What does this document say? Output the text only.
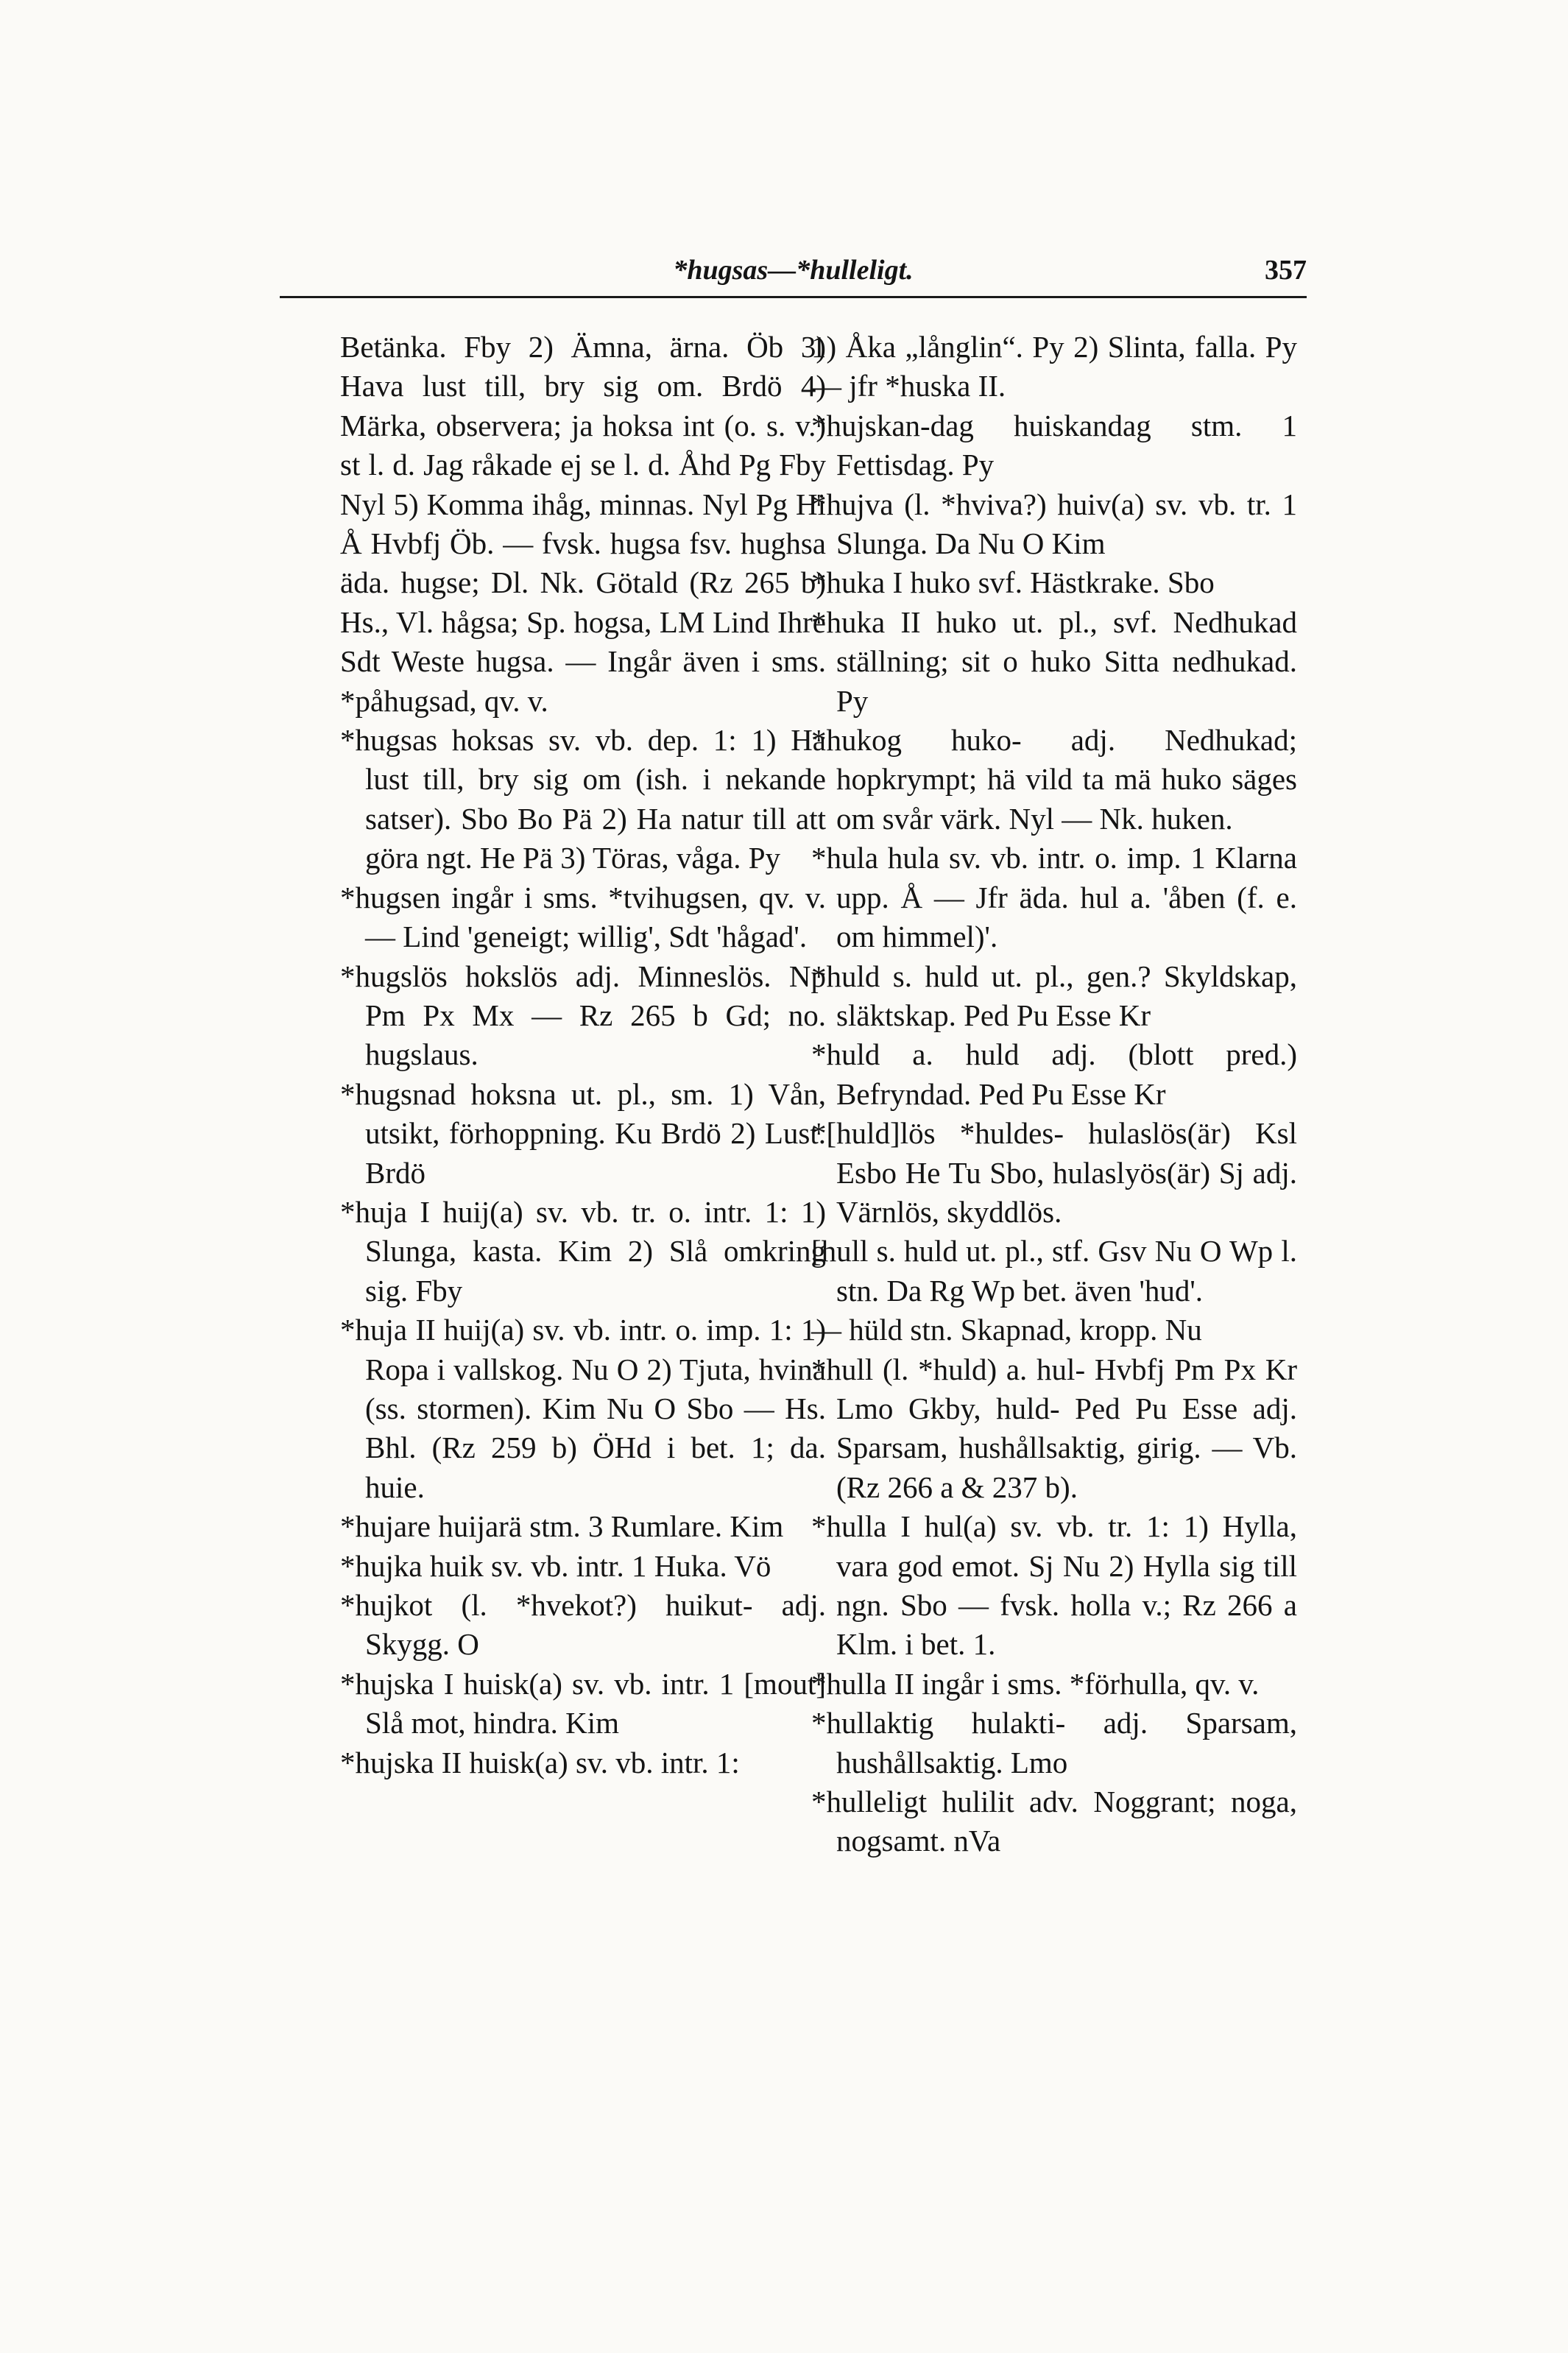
*hugsas—*hulleligt.	357

Betänka. Fby 2) Ämna, ärna. Öb 3) Hava lust till, bry sig om. Brdö 4) Märka, observera; ja hoksa int (o. s. v.) st l. d. Jag råkade ej se l. d. Åhd Pg Fby Nyl 5) Komma ihåg, minnas. Nyl Pg Hi Å Hvbfj Öb. — fvsk. hugsa fsv. hughsa äda. hugse; Dl. Nk. Götald (Rz 265 b) Hs., Vl. hågsa; Sp. hogsa, LM Lind Ihre Sdt Weste hugsa. — Ingår även i sms. *påhugsad, qv. v.

*hugsas hoksas sv. vb. dep. 1: 1) Ha lust till, bry sig om (ish. i nekande satser). Sbo Bo Pä 2) Ha natur till att göra ngt. He Pä 3) Töras, våga. Py

*hugsen ingår i sms. *tvihugsen, qv. v. — Lind 'geneigt; willig', Sdt 'hågad'.

*hugslös hokslös adj. Minneslös. Np Pm Px Mx — Rz 265 b Gd; no. hugslaus.

*hugsnad hoksna ut. pl., sm. 1) Vån, utsikt, förhoppning. Ku Brdö 2) Lust. Brdö

*huja I huij(a) sv. vb. tr. o. intr. 1: 1) Slunga, kasta. Kim 2) Slå omkring sig. Fby

*huja II huij(a) sv. vb. intr. o. imp. 1: 1) Ropa i vallskog. Nu O 2) Tjuta, hvina (ss. stormen). Kim Nu O Sbo — Hs. Bhl. (Rz 259 b) ÖHd i bet. 1; da. huie.

*hujare huijarä stm. 3 Rumlare. Kim

*hujka huik sv. vb. intr. 1 Huka. Vö

*hujkot (l. *hvekot?) huikut- adj. Skygg. O

*hujska I huisk(a) sv. vb. intr. 1 [mout] Slå mot, hindra. Kim

*hujska II huisk(a) sv. vb. intr. 1:

1) Åka „långlin“. Py 2) Slinta, falla. Py — jfr *huska II.

*hujskan-dag huiskandag stm. 1 Fettisdag. Py

*hujva (l. *hviva?) huiv(a) sv. vb. tr. 1 Slunga. Da Nu O Kim

*huka I huko svf. Hästkrake. Sbo

*huka II huko ut. pl., svf. Nedhukad ställning; sit o huko Sitta nedhukad. Py

*hukog huko- adj. Nedhukad; hopkrympt; hä vild ta mä huko säges om svår värk. Nyl — Nk. huken.

*hula hula sv. vb. intr. o. imp. 1 Klarna upp. Å — Jfr äda. hul a. 'åben (f. e. om himmel)'.

*huld s. huld ut. pl., gen.? Skyldskap, släktskap. Ped Pu Esse Kr

*huld a. huld adj. (blott pred.) Befryndad. Ped Pu Esse Kr

*[huld]lös *huldes- hulaslös(är) Ksl Esbo He Tu Sbo, hulaslyös(är) Sj adj. Värnlös, skyddlös.

[hull s. huld ut. pl., stf. Gsv Nu O Wp l. stn. Da Rg Wp bet. även 'hud'.

— hüld stn. Skapnad, kropp. Nu

*hull (l. *huld) a. hul- Hvbfj Pm Px Kr Lmo Gkby, huld- Ped Pu Esse adj. Sparsam, hushållsaktig, girig. — Vb. (Rz 266 a & 237 b).

*hulla I hul(a) sv. vb. tr. 1: 1) Hylla, vara god emot. Sj Nu 2) Hylla sig till ngn. Sbo — fvsk. holla v.; Rz 266 a Klm. i bet. 1.

*hulla II ingår i sms. *förhulla, qv. v.

*hullaktig hulakti- adj. Sparsam, hushållsaktig. Lmo

*hulleligt hulilit adv. Noggrant; noga, nogsamt. nVa
